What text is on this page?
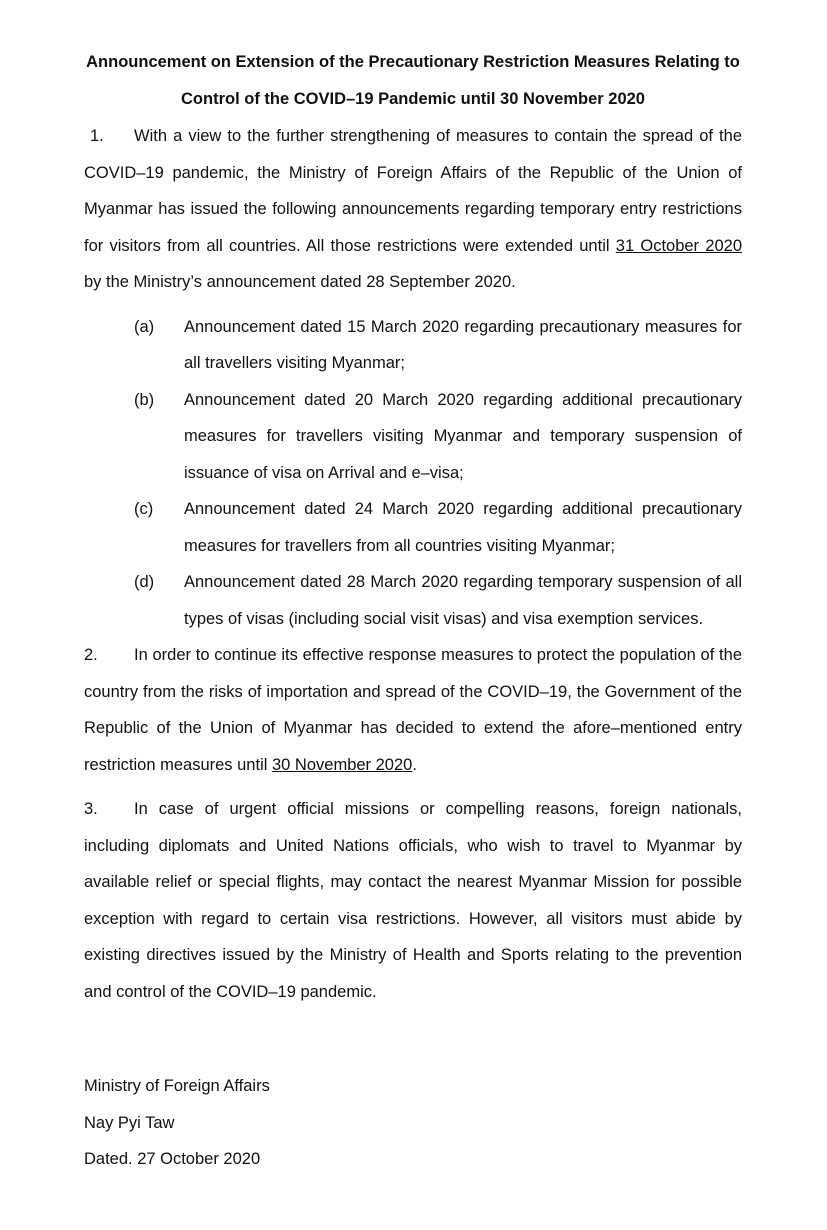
Announcement on Extension of the Precautionary Restriction Measures Relating to
Control of the COVID–19 Pandemic until 30 November 2020

1. With a view to the further strengthening of measures to contain the spread of the COVID–19 pandemic, the Ministry of Foreign Affairs of the Republic of the Union of Myanmar has issued the following announcements regarding temporary entry restrictions for visitors from all countries. All those restrictions were extended until 31 October 2020 by the Ministry’s announcement dated 28 September 2020.

(a)	Announcement dated 15 March 2020 regarding precautionary measures for all travellers visiting Myanmar;
(b)	Announcement dated 20 March 2020 regarding additional precautionary measures for travellers visiting Myanmar and temporary suspension of issuance of visa on Arrival and e–visa;
(c)	Announcement dated 24 March 2020 regarding additional precautionary measures for travellers from all countries visiting Myanmar;
(d)	Announcement dated 28 March 2020 regarding temporary suspension of all types of visas (including social visit visas) and visa exemption services.

2. In order to continue its effective response measures to protect the population of the country from the risks of importation and spread of the COVID–19, the Government of the Republic of the Union of Myanmar has decided to extend the afore–mentioned entry restriction measures until 30 November 2020.

3. In case of urgent official missions or compelling reasons, foreign nationals, including diplomats and United Nations officials, who wish to travel to Myanmar by available relief or special flights, may contact the nearest Myanmar Mission for possible exception with regard to certain visa restrictions. However, all visitors must abide by existing directives issued by the Ministry of Health and Sports relating to the prevention and control of the COVID–19 pandemic.

Ministry of Foreign Affairs
Nay Pyi Taw
Dated. 27 October 2020
